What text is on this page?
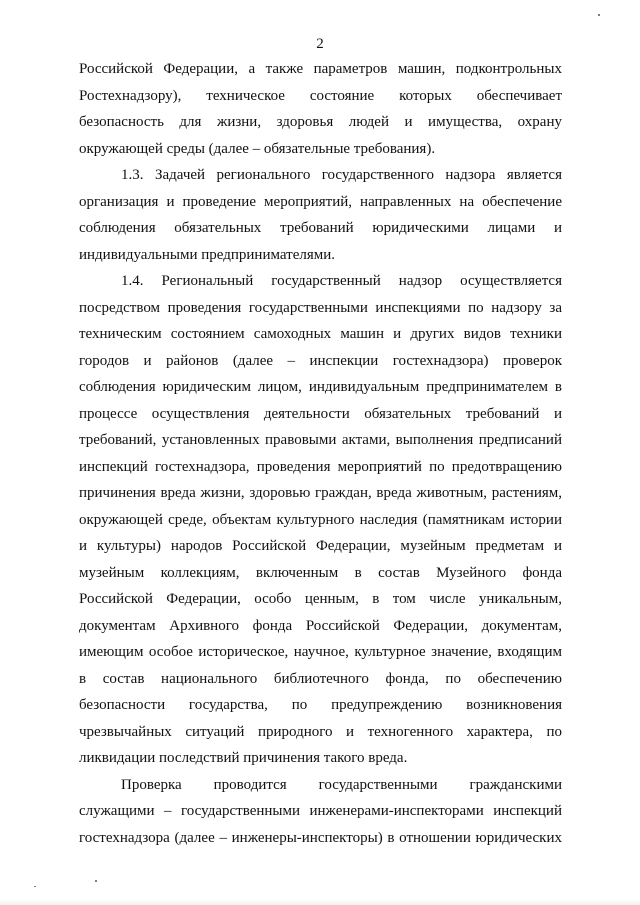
2
Российской Федерации, а также параметров машин, подконтрольных
Ростехнадзору), техническое состояние которых обеспечивает
безопасность для жизни, здоровья людей и имущества, охрану
окружающей среды (далее – обязательные требования).
1.3. Задачей регионального государственного надзора является
организация и проведение мероприятий, направленных на обеспечение
соблюдения обязательных требований юридическими лицами и
индивидуальными предпринимателями.
1.4. Региональный государственный надзор осуществляется
посредством проведения государственными инспекциями по надзору за
техническим состоянием самоходных машин и других видов техники
городов и районов (далее – инспекции гостехнадзора) проверок
соблюдения юридическим лицом, индивидуальным предпринимателем в
процессе осуществления деятельности обязательных требований и
требований, установленных правовыми актами, выполнения предписаний
инспекций гостехнадзора, проведения мероприятий по предотвращению
причинения вреда жизни, здоровью граждан, вреда животным, растениям,
окружающей среде, объектам культурного наследия (памятникам истории
и культуры) народов Российской Федерации, музейным предметам и
музейным коллекциям, включенным в состав Музейного фонда
Российской Федерации, особо ценным, в том числе уникальным,
документам Архивного фонда Российской Федерации, документам,
имеющим особое историческое, научное, культурное значение, входящим
в состав национального библиотечного фонда, по обеспечению
безопасности государства, по предупреждению возникновения
чрезвычайных ситуаций природного и техногенного характера, по
ликвидации последствий причинения такого вреда.
Проверка проводится государственными гражданскими
служащими – государственными инженерами-инспекторами инспекций
гостехнадзора (далее – инженеры-инспекторы) в отношении юридических
